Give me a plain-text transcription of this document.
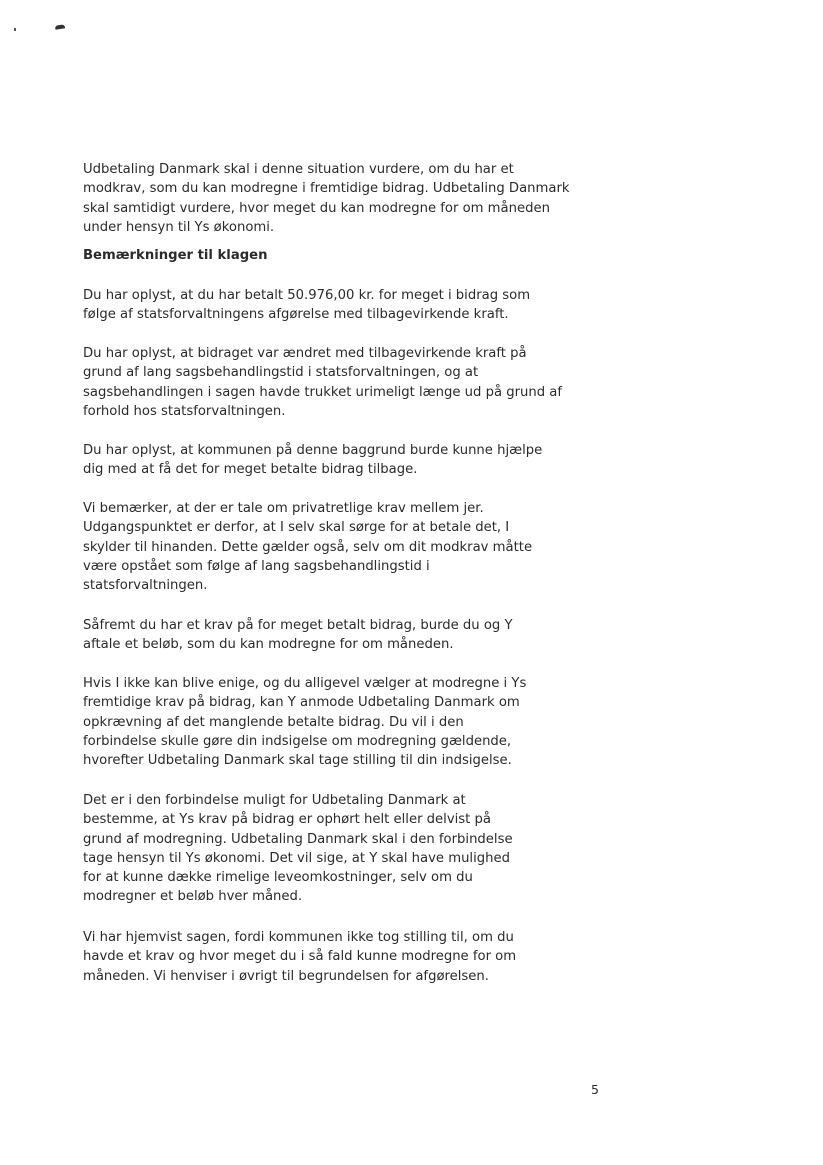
Udbetaling Danmark skal i denne situation vurdere, om du har et
modkrav, som du kan modregne i fremtidige bidrag. Udbetaling Danmark
skal samtidigt vurdere, hvor meget du kan modregne for om måneden
under hensyn til Ys økonomi.

Bemærkninger til klagen

Du har oplyst, at du har betalt 50.976,00 kr. for meget i bidrag som
følge af statsforvaltningens afgørelse med tilbagevirkende kraft.

Du har oplyst, at bidraget var ændret med tilbagevirkende kraft på
grund af lang sagsbehandlingstid i statsforvaltningen, og at
sagsbehandlingen i sagen havde trukket urimeligt længe ud på grund af
forhold hos statsforvaltningen.

Du har oplyst, at kommunen på denne baggrund burde kunne hjælpe
dig med at få det for meget betalte bidrag tilbage.

Vi bemærker, at der er tale om privatretlige krav mellem jer.
Udgangspunktet er derfor, at I selv skal sørge for at betale det, I
skylder til hinanden. Dette gælder også, selv om dit modkrav måtte
være opstået som følge af lang sagsbehandlingstid i
statsforvaltningen.

Såfremt du har et krav på for meget betalt bidrag, burde du og Y
aftale et beløb, som du kan modregne for om måneden.

Hvis I ikke kan blive enige, og du alligevel vælger at modregne i Ys
fremtidige krav på bidrag, kan Y anmode Udbetaling Danmark om
opkrævning af det manglende betalte bidrag. Du vil i den
forbindelse skulle gøre din indsigelse om modregning gældende,
hvorefter Udbetaling Danmark skal tage stilling til din indsigelse.

Det er i den forbindelse muligt for Udbetaling Danmark at
bestemme, at Ys krav på bidrag er ophørt helt eller delvist på
grund af modregning. Udbetaling Danmark skal i den forbindelse
tage hensyn til Ys økonomi. Det vil sige, at Y skal have mulighed
for at kunne dække rimelige leveomkostninger, selv om du
modregner et beløb hver måned.

Vi har hjemvist sagen, fordi kommunen ikke tog stilling til, om du
havde et krav og hvor meget du i så fald kunne modregne for om
måneden. Vi henviser i øvrigt til begrundelsen for afgørelsen.

5
